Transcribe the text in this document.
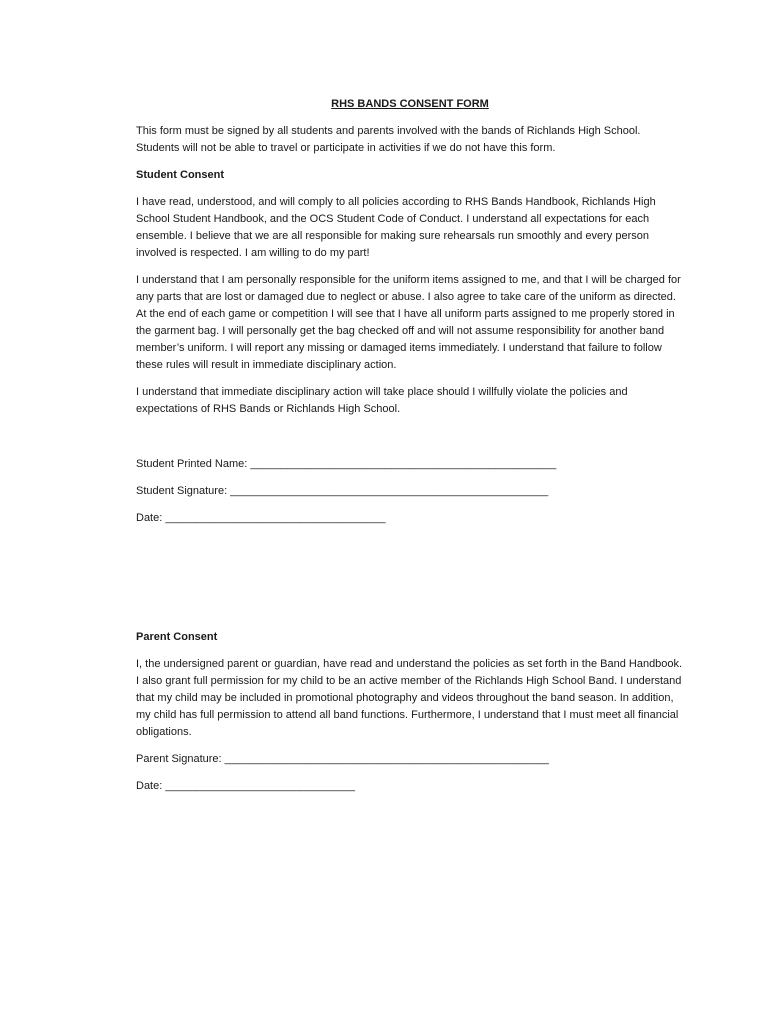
RHS BANDS CONSENT FORM

This form must be signed by all students and parents involved with the bands of Richlands High School. Students will not be able to travel or participate in activities if we do not have this form.

Student Consent

I have read, understood, and will comply to all policies according to RHS Bands Handbook, Richlands High School Student Handbook, and the OCS Student Code of Conduct. I understand all expectations for each ensemble. I believe that we are all responsible for making sure rehearsals run smoothly and every person involved is respected. I am willing to do my part!

I understand that I am personally responsible for the uniform items assigned to me, and that I will be charged for any parts that are lost or damaged due to neglect or abuse. I also agree to take care of the uniform as directed. At the end of each game or competition I will see that I have all uniform parts assigned to me properly stored in the garment bag. I will personally get the bag checked off and will not assume responsibility for another band member’s uniform. I will report any missing or damaged items immediately. I understand that failure to follow these rules will result in immediate disciplinary action.

I understand that immediate disciplinary action will take place should I willfully violate the policies and expectations of RHS Bands or Richlands High School.

Student Printed Name: __________________________________________________
Student Signature: ____________________________________________________
Date: ____________________________________
Parent Consent

I, the undersigned parent or guardian, have read and understand the policies as set forth in the Band Handbook. I also grant full permission for my child to be an active member of the Richlands High School Band. I understand that my child may be included in promotional photography and videos throughout the band season. In addition, my child has full permission to attend all band functions. Furthermore, I understand that I must meet all financial obligations.

Parent Signature: _____________________________________________________
Date: _______________________________
